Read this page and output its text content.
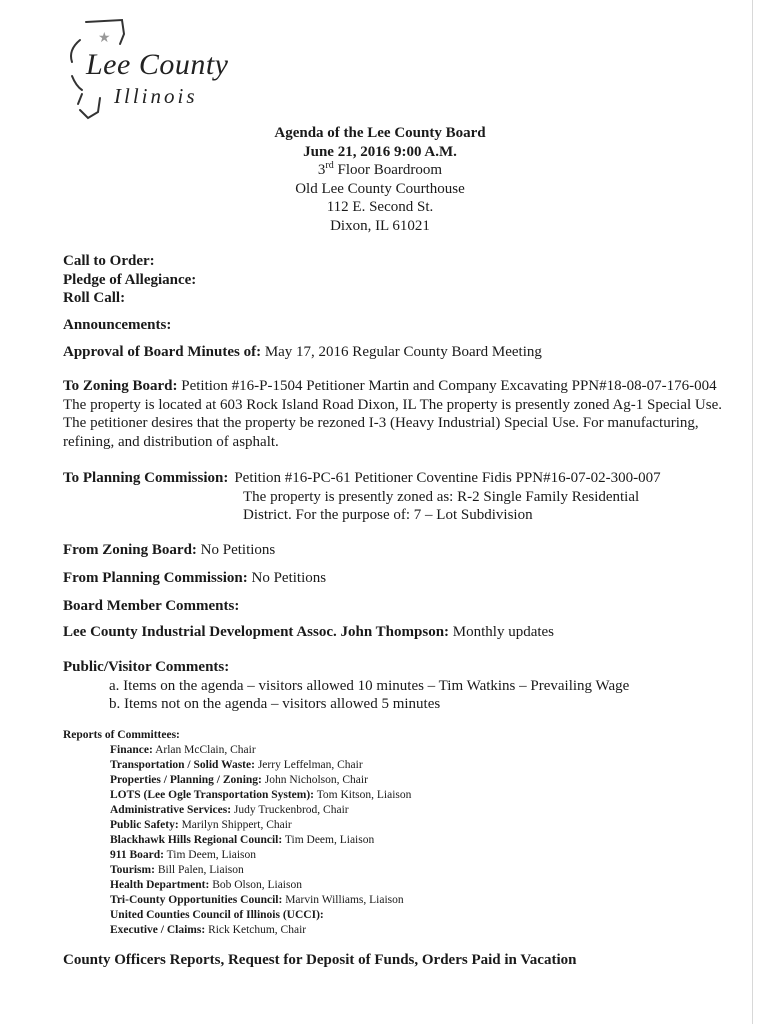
★
Lee County
Illinois
Agenda of the Lee County Board
June 21, 2016 9:00 A.M.
3rd Floor Boardroom
Old Lee County Courthouse
112 E. Second St.
Dixon, IL 61021
Call to Order:
Pledge of Allegiance:
Roll Call:
Announcements:
Approval of Board Minutes of: May 17, 2016 Regular County Board Meeting
To Zoning Board: Petition #16-P-1504 Petitioner Martin and Company Excavating PPN#18-08-07-176-004 The property is located at 603 Rock Island Road Dixon, IL The property is presently zoned Ag-1 Special Use. The petitioner desires that the property be rezoned I-3 (Heavy Industrial) Special Use. For manufacturing, refining, and distribution of asphalt.
To Planning Commission: Petition #16-PC-61 Petitioner Coventine Fidis PPN#16-07-02-300-007
The property is presently zoned as: R-2 Single Family Residential
District. For the purpose of: 7 – Lot Subdivision
From Zoning Board: No Petitions
From Planning Commission: No Petitions
Board Member Comments:
Lee County Industrial Development Assoc. John Thompson: Monthly updates
Public/Visitor Comments:
a. Items on the agenda – visitors allowed 10 minutes – Tim Watkins – Prevailing Wage
b. Items not on the agenda – visitors allowed 5 minutes
Reports of Committees:
Finance: Arlan McClain, Chair
Transportation / Solid Waste: Jerry Leffelman, Chair
Properties / Planning / Zoning: John Nicholson, Chair
LOTS (Lee Ogle Transportation System): Tom Kitson, Liaison
Administrative Services: Judy Truckenbrod, Chair
Public Safety: Marilyn Shippert, Chair
Blackhawk Hills Regional Council: Tim Deem, Liaison
911 Board: Tim Deem, Liaison
Tourism: Bill Palen, Liaison
Health Department: Bob Olson, Liaison
Tri-County Opportunities Council: Marvin Williams, Liaison
United Counties Council of Illinois (UCCI):
Executive / Claims: Rick Ketchum, Chair
County Officers Reports, Request for Deposit of Funds, Orders Paid in Vacation
